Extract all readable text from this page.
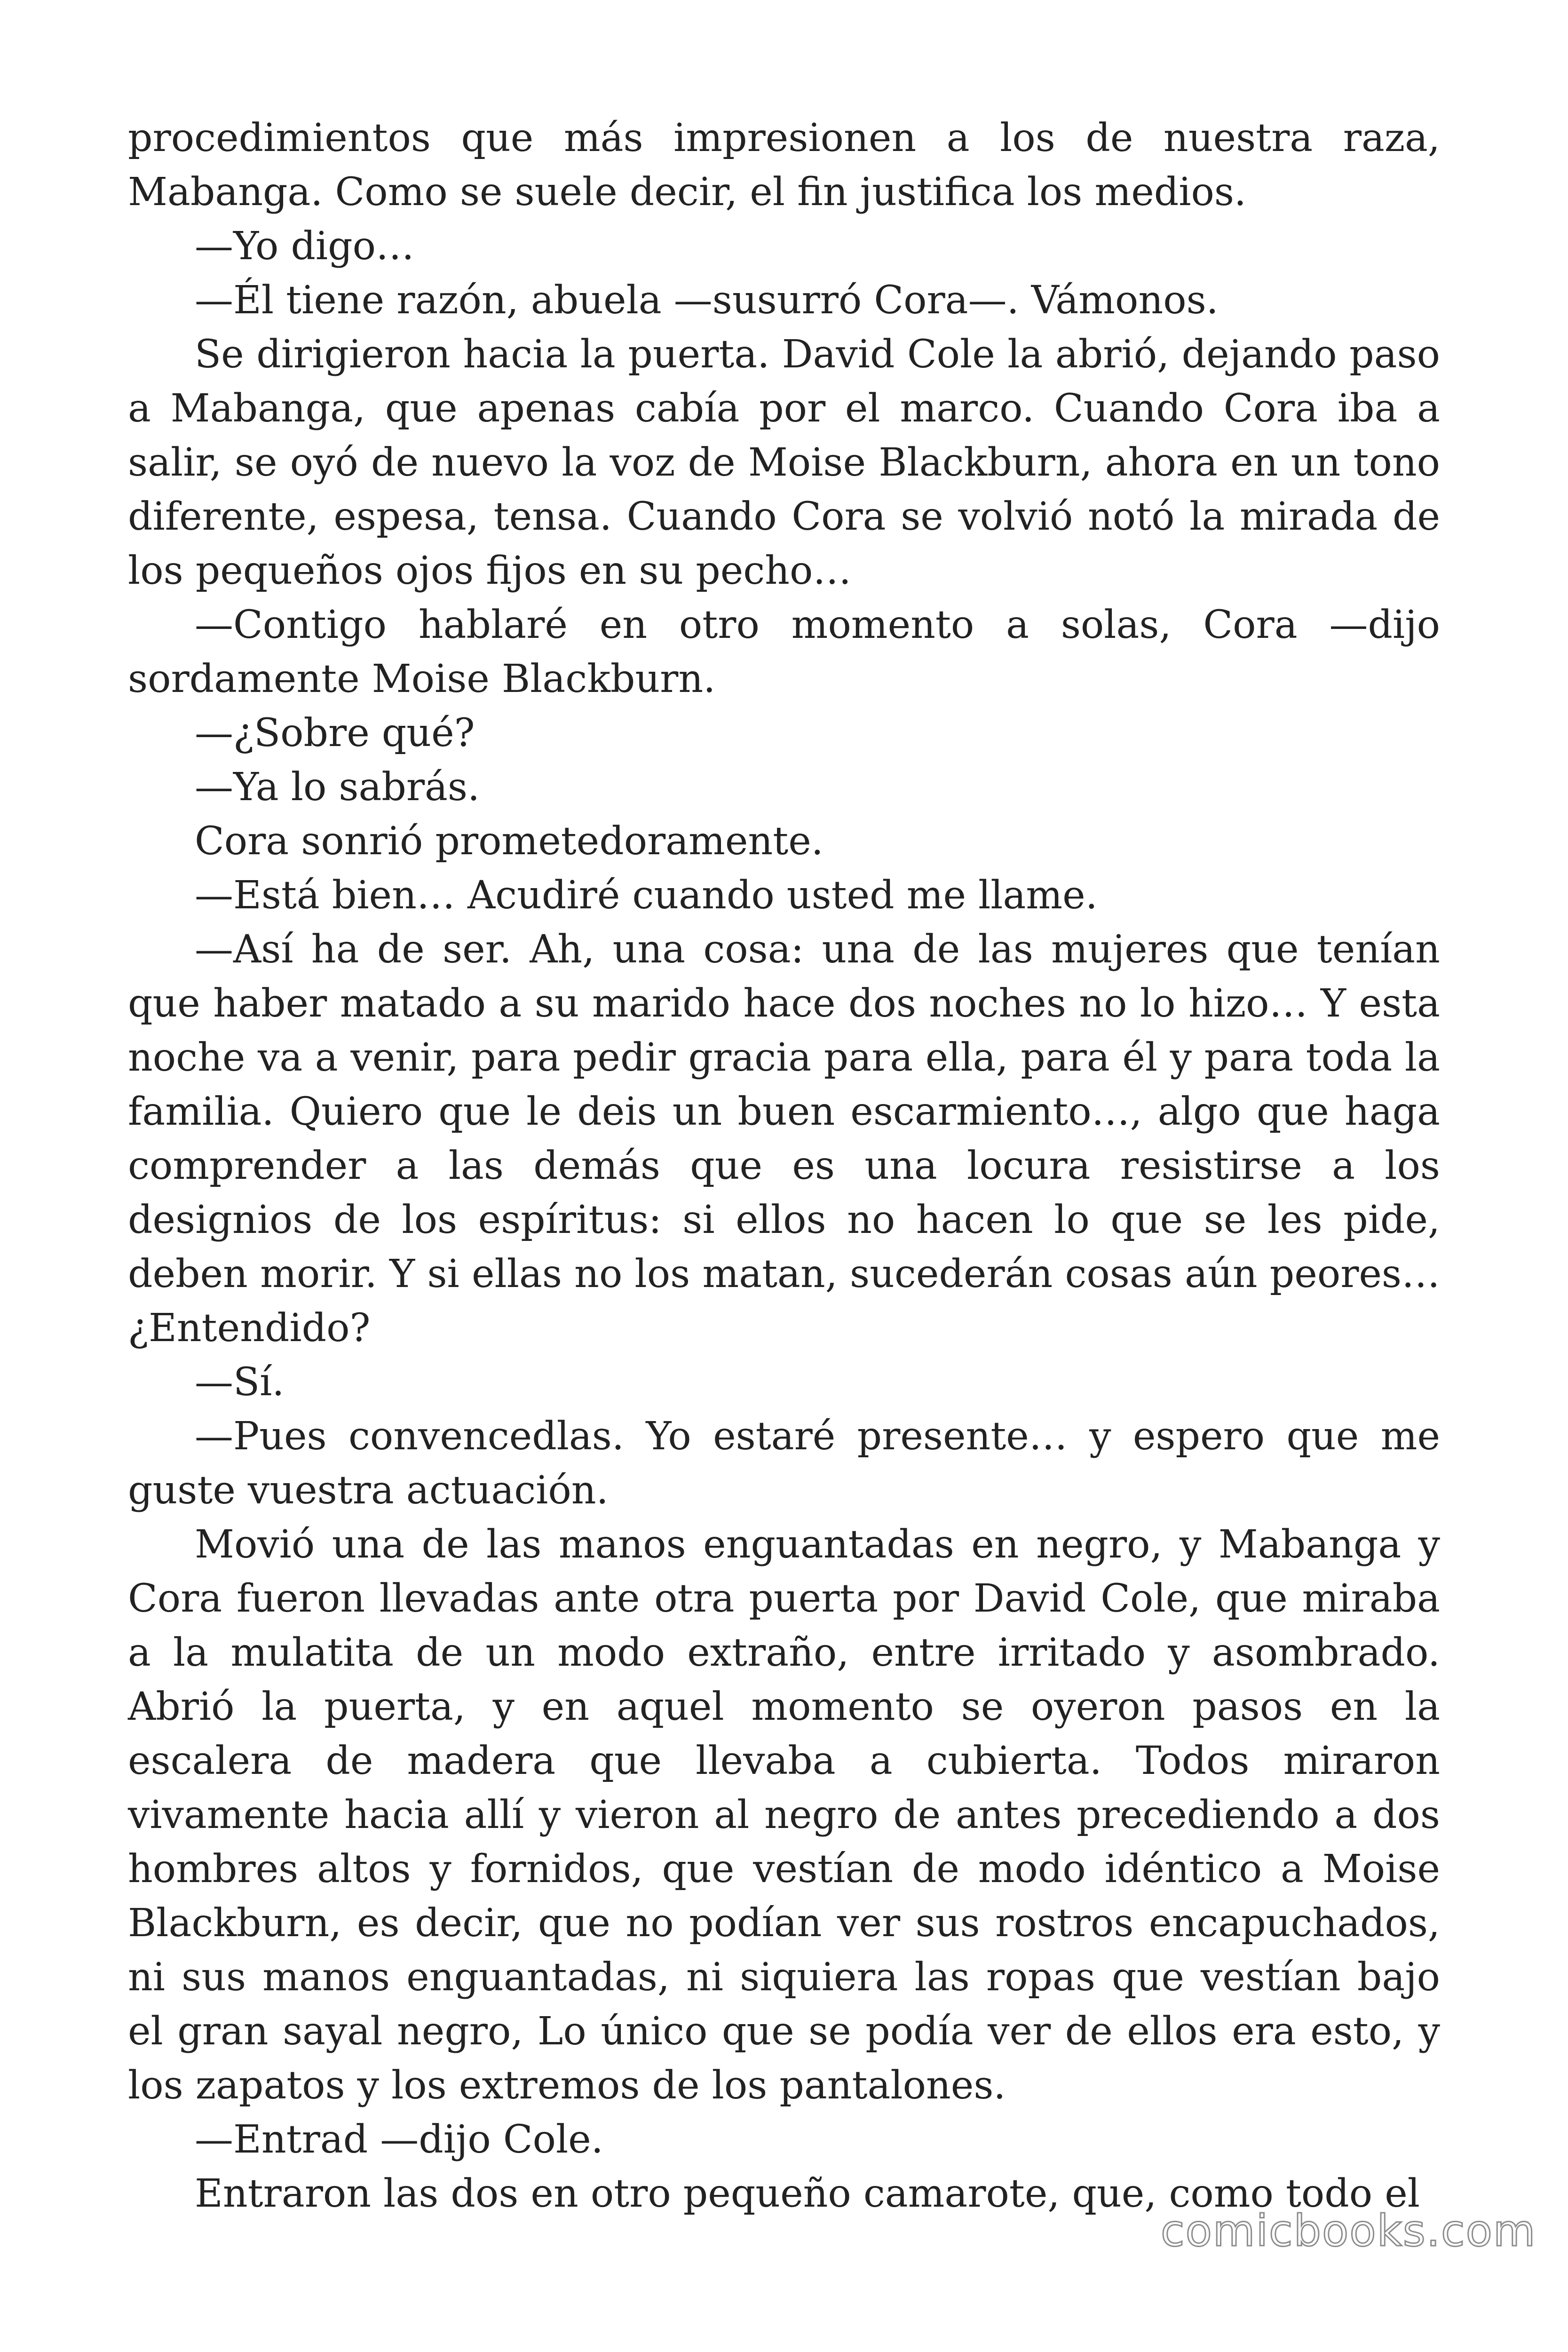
procedimientos que más impresionen a los de nuestra raza, Mabanga. Como se suele decir, el fin justifica los medios.

—Yo digo…

—Él tiene razón, abuela —susurró Cora—. Vámonos.

Se dirigieron hacia la puerta. David Cole la abrió, dejando paso a Mabanga, que apenas cabía por el marco. Cuando Cora iba a salir, se oyó de nuevo la voz de Moise Blackburn, ahora en un tono diferente, espesa, tensa. Cuando Cora se volvió notó la mirada de los pequeños ojos fijos en su pecho…

—Contigo hablaré en otro momento a solas, Cora —dijo sordamente Moise Blackburn.

—¿Sobre qué?

—Ya lo sabrás.

Cora sonrió prometedoramente.

—Está bien… Acudiré cuando usted me llame.

—Así ha de ser. Ah, una cosa: una de las mujeres que tenían que haber matado a su marido hace dos noches no lo hizo… Y esta noche va a venir, para pedir gracia para ella, para él y para toda la familia. Quiero que le deis un buen escarmiento…, algo que haga comprender a las demás que es una locura resistirse a los designios de los espíritus: si ellos no hacen lo que se les pide, deben morir. Y si ellas no los matan, sucederán cosas aún peores… ¿Entendido?

—Sí.

—Pues convencedlas. Yo estaré presente… y espero que me guste vuestra actuación.

Movió una de las manos enguantadas en negro, y Mabanga y Cora fueron llevadas ante otra puerta por David Cole, que miraba a la mulatita de un modo extraño, entre irritado y asombrado. Abrió la puerta, y en aquel momento se oyeron pasos en la escalera de madera que llevaba a cubierta. Todos miraron vivamente hacia allí y vieron al negro de antes precediendo a dos hombres altos y fornidos, que vestían de modo idéntico a Moise Blackburn, es decir, que no podían ver sus rostros encapuchados, ni sus manos enguantadas, ni siquiera las ropas que vestían bajo el gran sayal negro, Lo único que se podía ver de ellos era esto, y los zapatos y los extremos de los pantalones.

—Entrad —dijo Cole.

Entraron las dos en otro pequeño camarote, que, como todo el

comicbooks.com
